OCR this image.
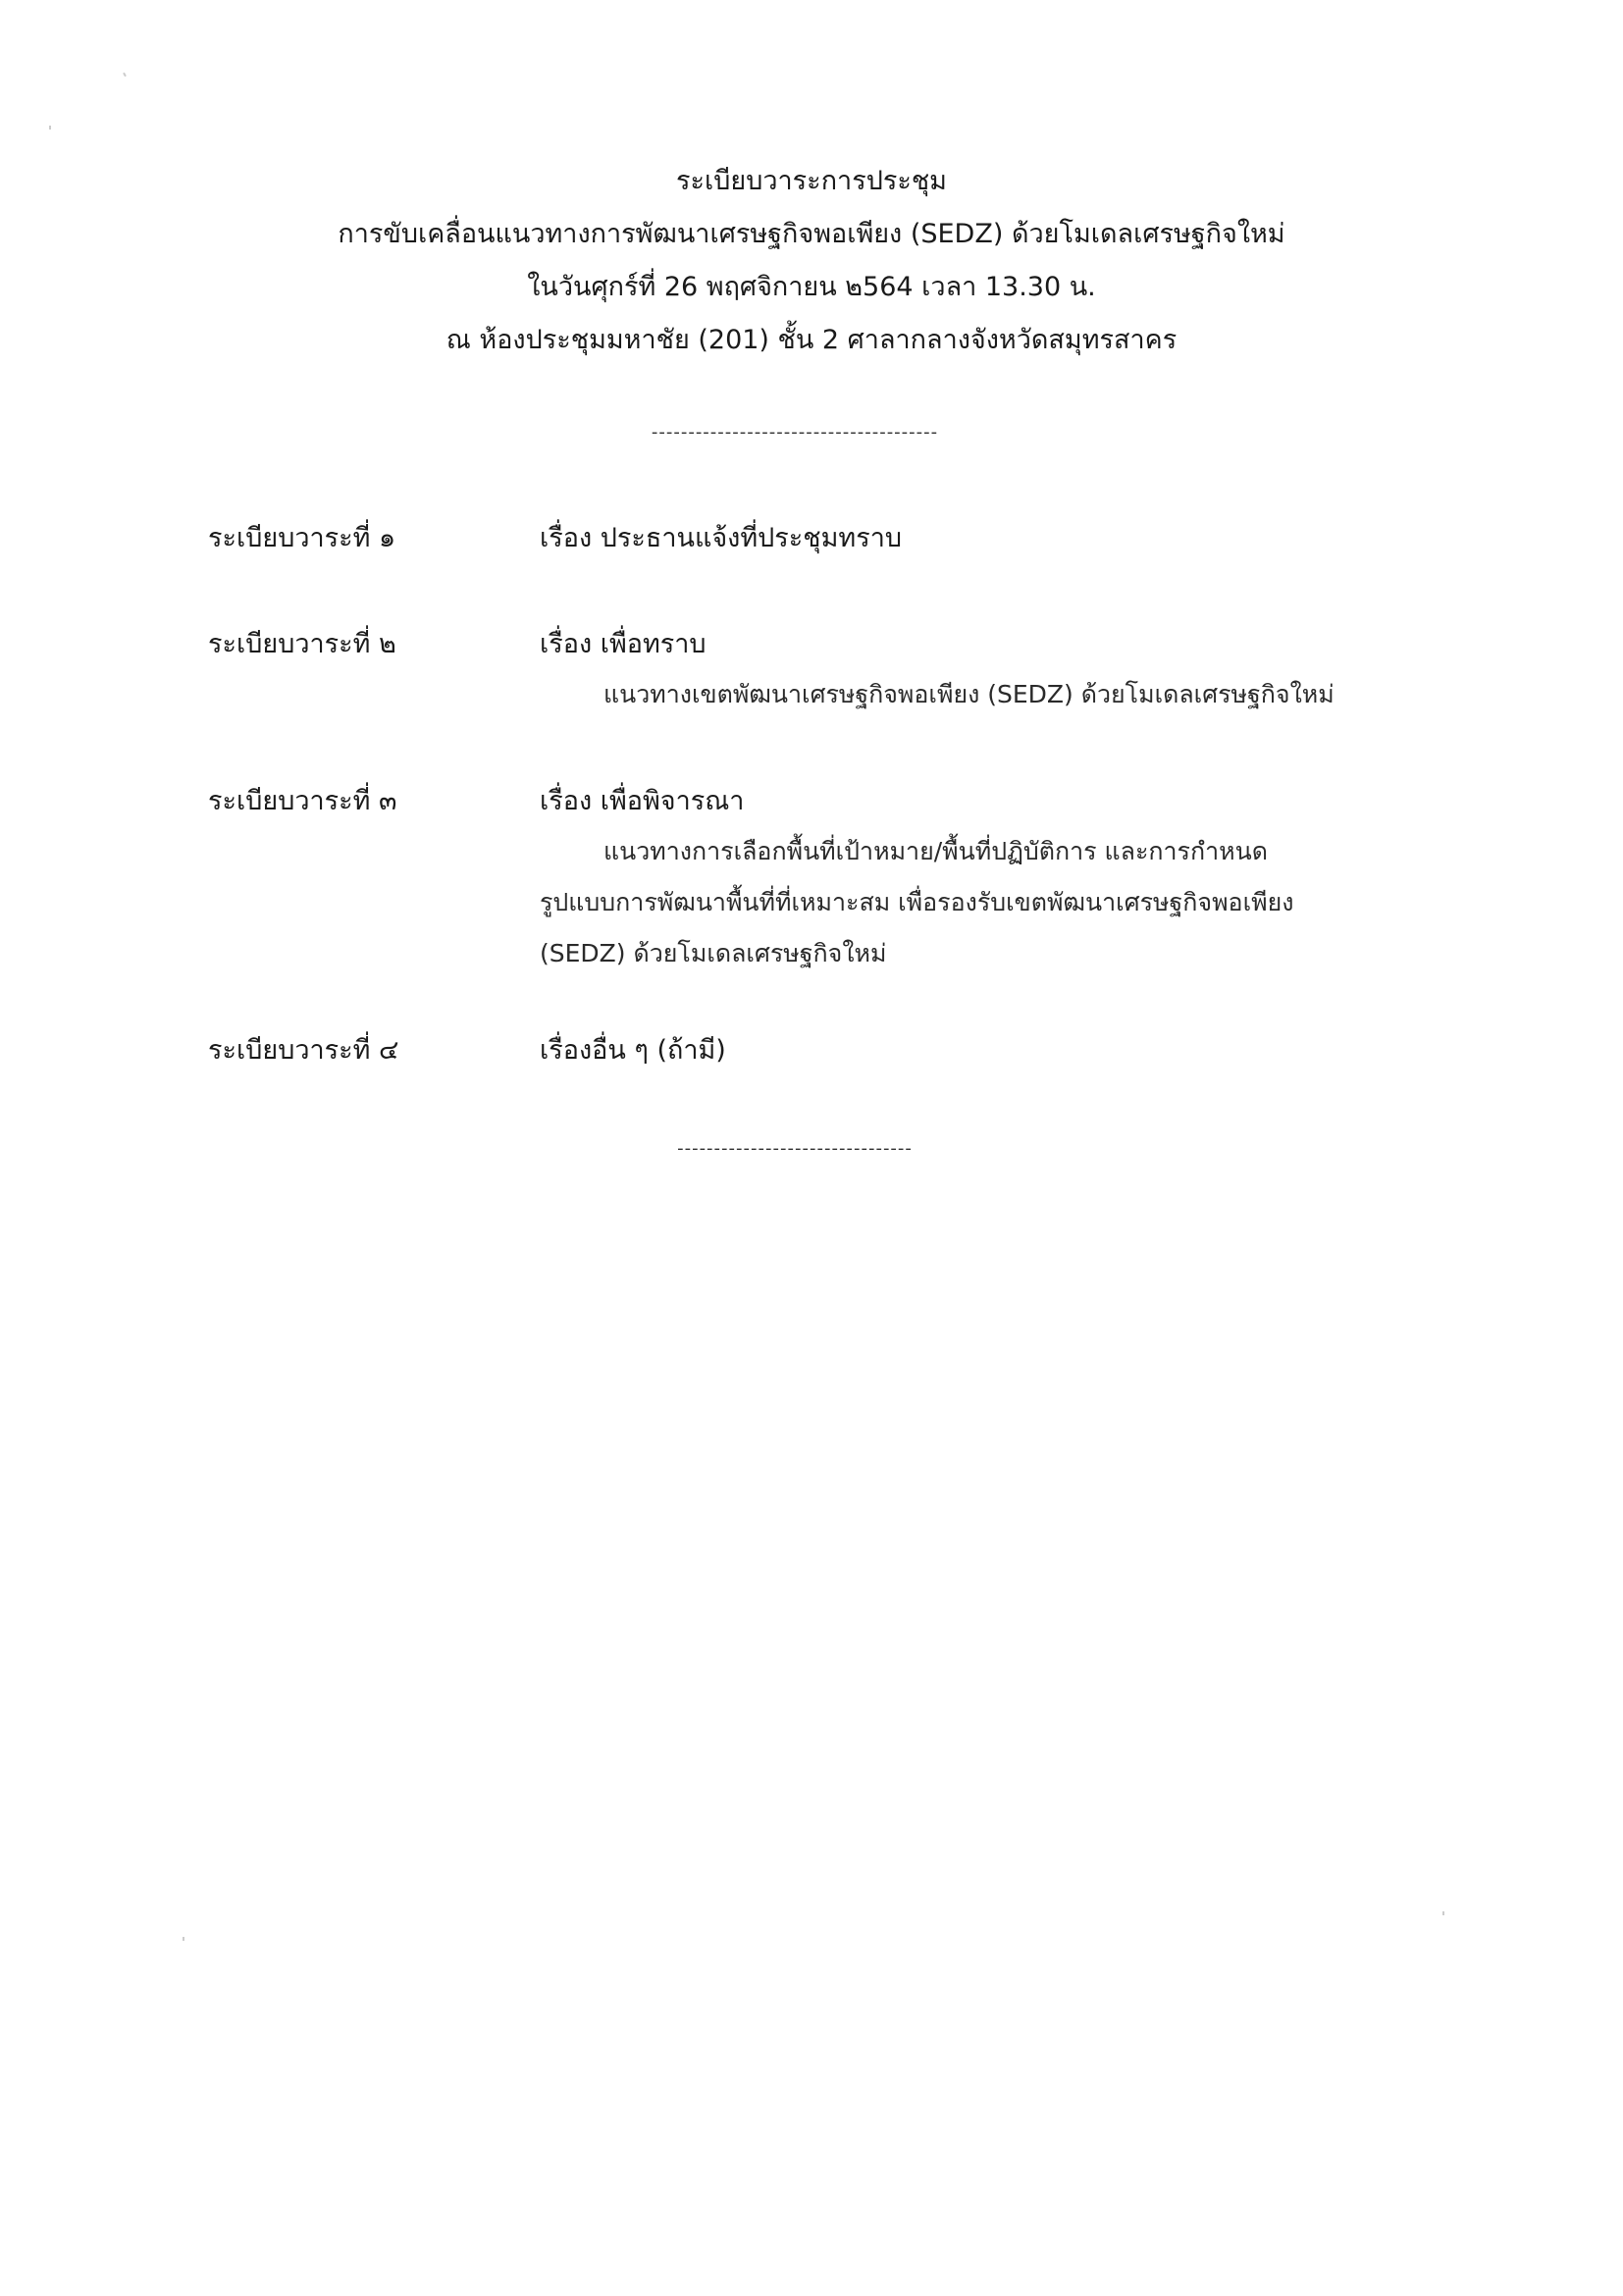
ระเบียบวาระการประชุม
การขับเคลื่อนแนวทางการพัฒนาเศรษฐกิจพอเพียง (SEDZ) ด้วยโมเดลเศรษฐกิจใหม่
ในวันศุกร์ที่ 26 พฤศจิกายน ๒564 เวลา 13.30 น.
ณ ห้องประชุมมหาชัย (201) ชั้น 2 ศาลากลางจังหวัดสมุทรสาคร
---------------------------------------
ระเบียบวาระที่ ๑	เรื่อง ประธานแจ้งที่ประชุมทราบ
ระเบียบวาระที่ ๒	เรื่อง เพื่อทราบ
แนวทางเขตพัฒนาเศรษฐกิจพอเพียง (SEDZ) ด้วยโมเดลเศรษฐกิจใหม่
ระเบียบวาระที่ ๓	เรื่อง เพื่อพิจารณา
แนวทางการเลือกพื้นที่เป้าหมาย/พื้นที่ปฏิบัติการ และการกำหนด
รูปแบบการพัฒนาพื้นที่ที่เหมาะสม เพื่อรองรับเขตพัฒนาเศรษฐกิจพอเพียง
(SEDZ) ด้วยโมเดลเศรษฐกิจใหม่
ระเบียบวาระที่ ๔	เรื่องอื่น ๆ (ถ้ามี)
--------------------------------
